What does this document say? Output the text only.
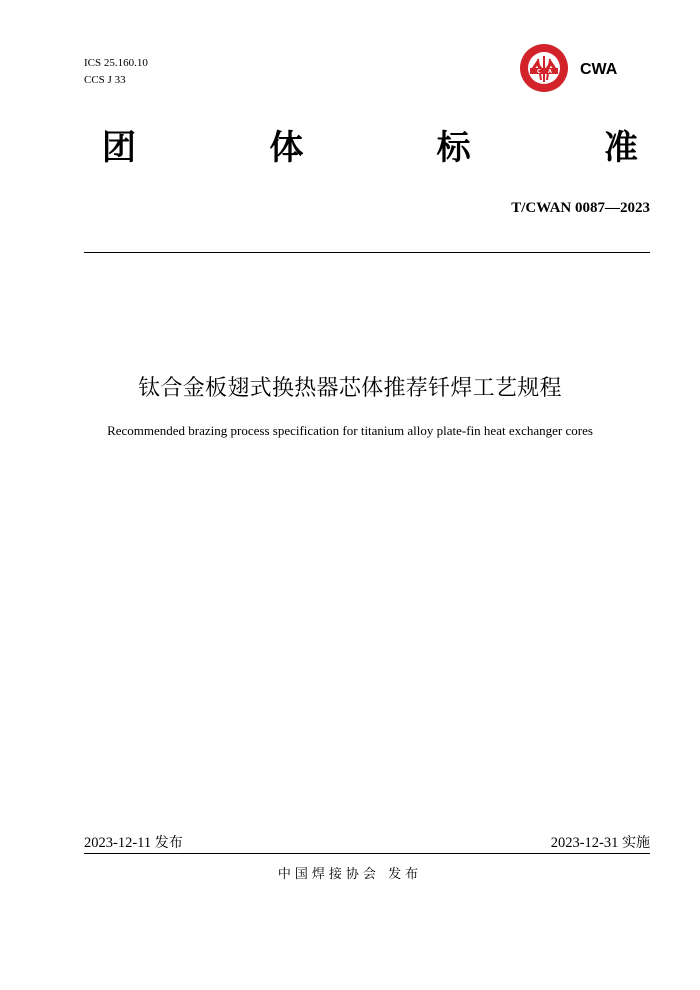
ICS 25.160.10
CCS J 33
C A CWA
团	体	标	准
T/CWAN 0087—2023
钛合金板翅式换热器芯体推荐钎焊工艺规程
Recommended brazing process specification for titanium alloy plate-fin heat exchanger cores
2023-12-11 发布	2023-12-31 实施
中国焊接协会 发布
